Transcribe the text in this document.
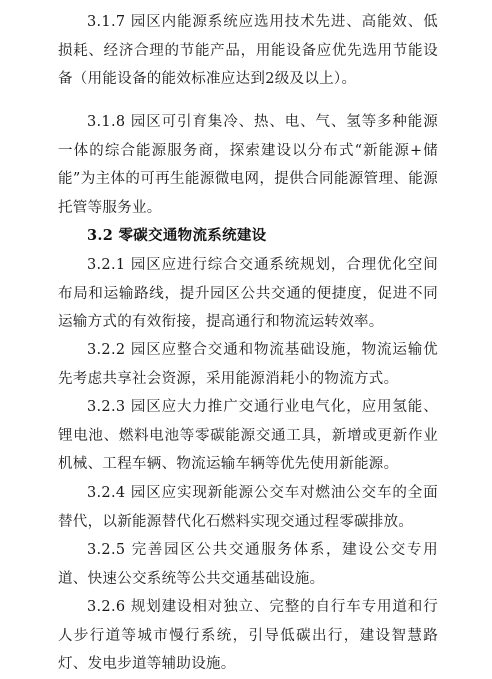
3.1.7 园区内能源系统应选用技术先进、高能效、低损耗、经济合理的节能产品，用能设备应优先选用节能设备（用能设备的能效标准应达到2级及以上）。

3.1.8 园区可引育集冷、热、电、气、氢等多种能源一体的综合能源服务商，探索建设以分布式“新能源+储能”为主体的可再生能源微电网，提供合同能源管理、能源托管等服务业。

3.2 零碳交通物流系统建设

3.2.1 园区应进行综合交通系统规划，合理优化空间布局和运输路线，提升园区公共交通的便捷度，促进不同运输方式的有效衔接，提高通行和物流运转效率。

3.2.2 园区应整合交通和物流基础设施，物流运输优先考虑共享社会资源，采用能源消耗小的物流方式。

3.2.3 园区应大力推广交通行业电气化，应用氢能、锂电池、燃料电池等零碳能源交通工具，新增或更新作业机械、工程车辆、物流运输车辆等优先使用新能源。

3.2.4 园区应实现新能源公交车对燃油公交车的全面替代，以新能源替代化石燃料实现交通过程零碳排放。

3.2.5 完善园区公共交通服务体系，建设公交专用道、快速公交系统等公共交通基础设施。

3.2.6 规划建设相对独立、完整的自行车专用道和行人步行道等城市慢行系统，引导低碳出行，建设智慧路灯、发电步道等辅助设施。
